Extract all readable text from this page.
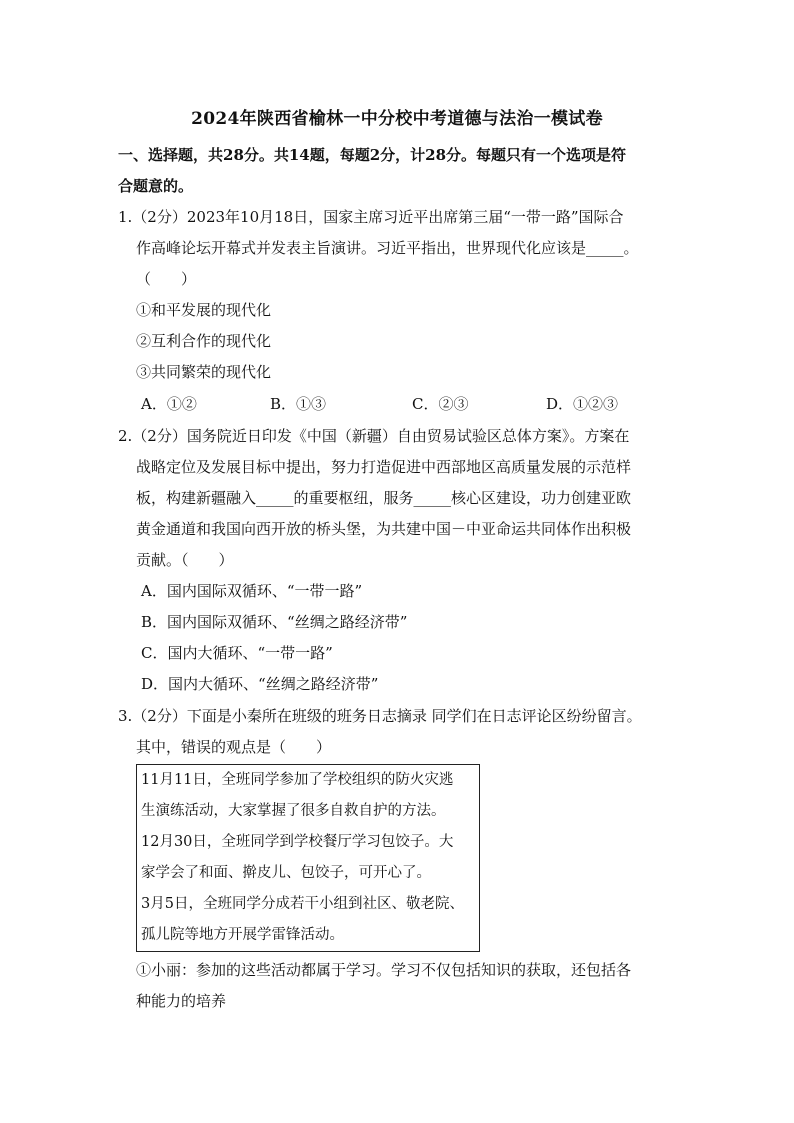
2024年陕西省榆林一中分校中考道德与法治一模试卷
一、选择题，共28分。共14题，每题2分，计28分。每题只有一个选项是符
合题意的。
1.（2分）2023年10月18日，国家主席习近平出席第三届“一带一路”国际合
作高峰论坛开幕式并发表主旨演讲。习近平指出，世界现代化应该是_____。
（　　）
①和平发展的现代化
②互利合作的现代化
③共同繁荣的现代化
A．①②	B．①③	C．②③	D．①②③
2.（2分）国务院近日印发《中国（新疆）自由贸易试验区总体方案》。方案在
战略定位及发展目标中提出，努力打造促进中西部地区高质量发展的示范样
板，构建新疆融入_____的重要枢纽，服务_____核心区建设，功力创建亚欧
黄金通道和我国向西开放的桥头堡，为共建中国－中亚命运共同体作出积极
贡献。（　　）
A．国内国际双循环、“一带一路”
B．国内国际双循环、“丝绸之路经济带”
C．国内大循环、“一带一路”
D．国内大循环、“丝绸之路经济带”
3.（2分）下面是小秦所在班级的班务日志摘录 同学们在日志评论区纷纷留言。
其中，错误的观点是（　　）
11月11日，全班同学参加了学校组织的防火灾逃
生演练活动，大家掌握了很多自救自护的方法。
12月30日，全班同学到学校餐厅学习包饺子。大
家学会了和面、擀皮儿、包饺子，可开心了。
3月5日，全班同学分成若干小组到社区、敬老院、
孤儿院等地方开展学雷锋活动。
①小丽：参加的这些活动都属于学习。学习不仅包括知识的获取，还包括各
种能力的培养
